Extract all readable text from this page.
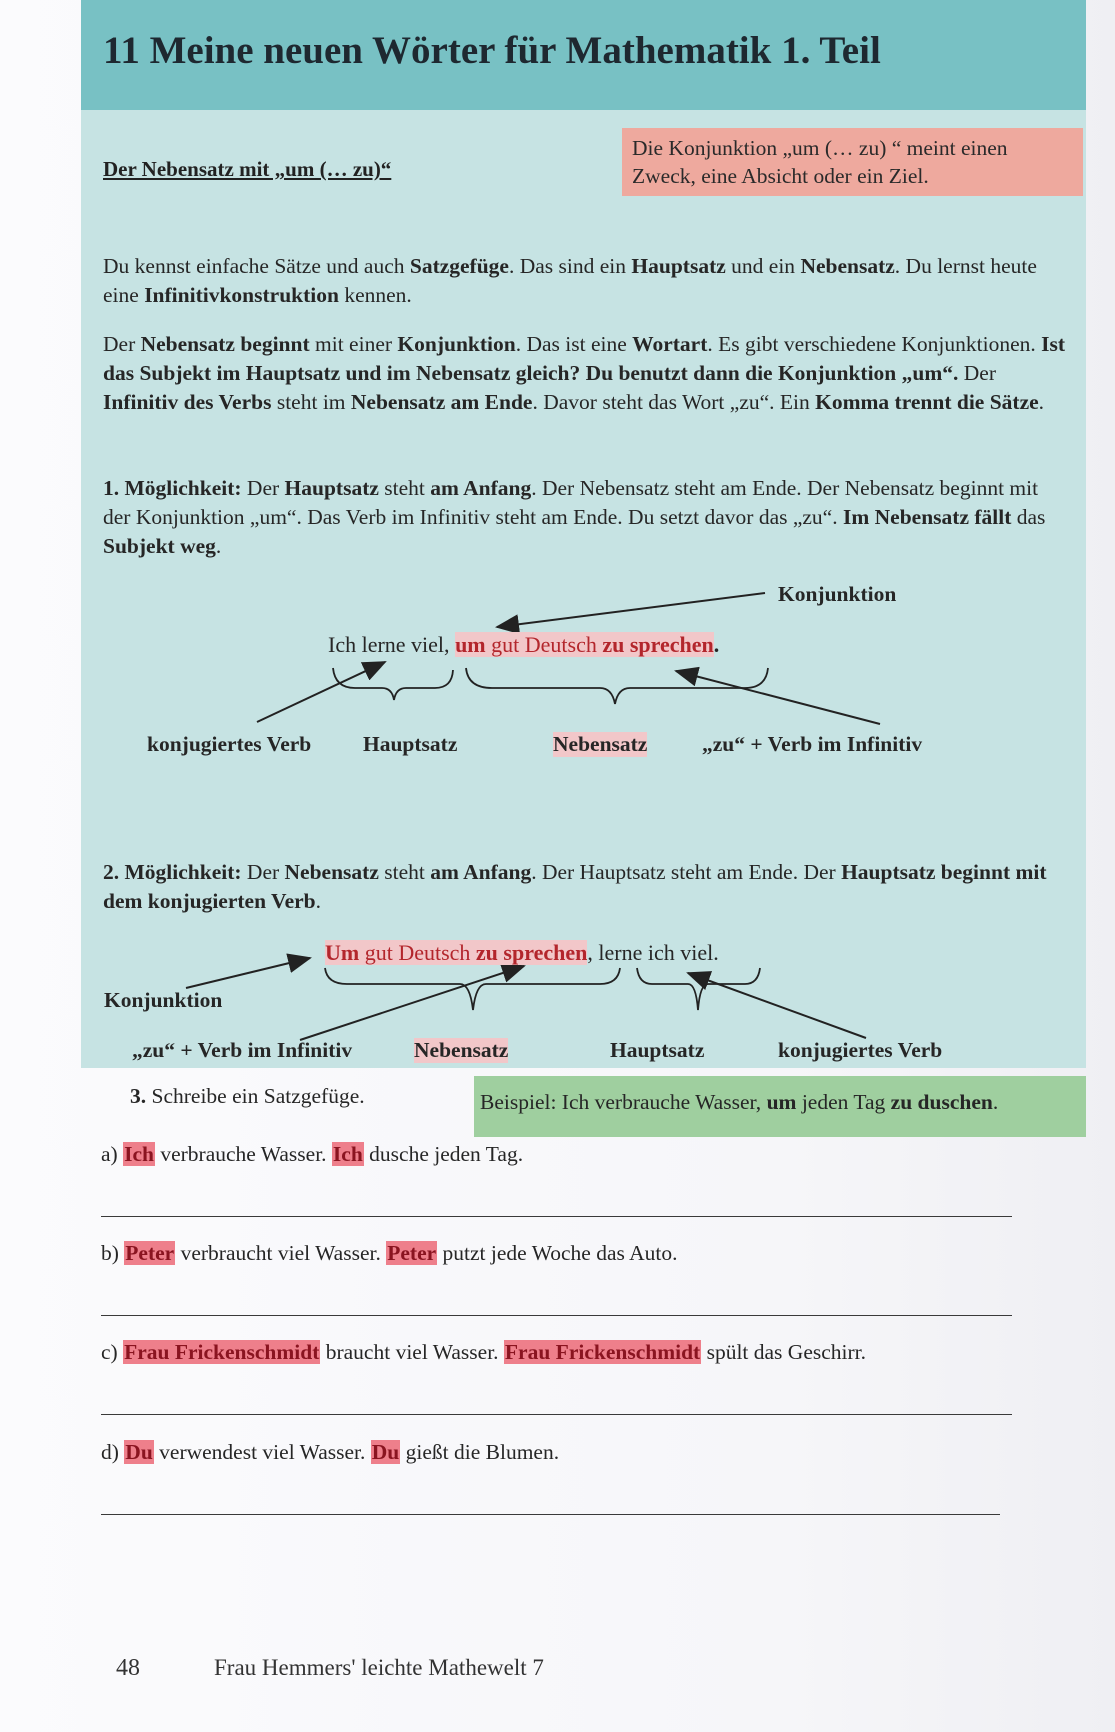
11 Meine neuen Wörter für Mathematik 1. Teil
Der Nebensatz mit „um (… zu)“
Die Konjunktion „um (… zu) “ meint einen Zweck, eine Absicht oder ein Ziel.
Du kennst einfache Sätze und auch Satzgefüge. Das sind ein Hauptsatz und ein Nebensatz. Du lernst heute eine Infinitivkonstruktion kennen.
Der Nebensatz beginnt mit einer Konjunktion. Das ist eine Wortart. Es gibt verschiedene Konjunktionen. Ist das Subjekt im Hauptsatz und im Nebensatz gleich? Du benutzt dann die Konjunktion „um“. Der Infinitiv des Verbs steht im Nebensatz am Ende. Davor steht das Wort „zu“. Ein Komma trennt die Sätze.
1. Möglichkeit: Der Hauptsatz steht am Anfang. Der Nebensatz steht am Ende. Der Nebensatz beginnt mit der Konjunktion „um“. Das Verb im Infinitiv steht am Ende. Du setzt davor das „zu“. Im Nebensatz fällt das Subjekt weg.
Ich lerne viel, um gut Deutsch zu sprechen.
Konjunktion
konjugiertes Verb Hauptsatz	Nebensatz	„zu“ + Verb im Infinitiv
2. Möglichkeit: Der Nebensatz steht am Anfang. Der Hauptsatz steht am Ende. Der Hauptsatz beginnt mit dem konjugierten Verb.
Um gut Deutsch zu sprechen, lerne ich viel.
Konjunktion
„zu“ + Verb im Infinitiv	Nebensatz	Hauptsatz	konjugiertes Verb
3. Schreibe ein Satzgefüge.	Beispiel: Ich verbrauche Wasser, um jeden Tag zu duschen.
a) Ich verbrauche Wasser. Ich dusche jeden Tag.
b) Peter verbraucht viel Wasser. Peter putzt jede Woche das Auto.
c) Frau Frickenschmidt braucht viel Wasser. Frau Frickenschmidt spült das Geschirr.
d) Du verwendest viel Wasser. Du gießt die Blumen.
48	Frau Hemmers' leichte Mathewelt 7
